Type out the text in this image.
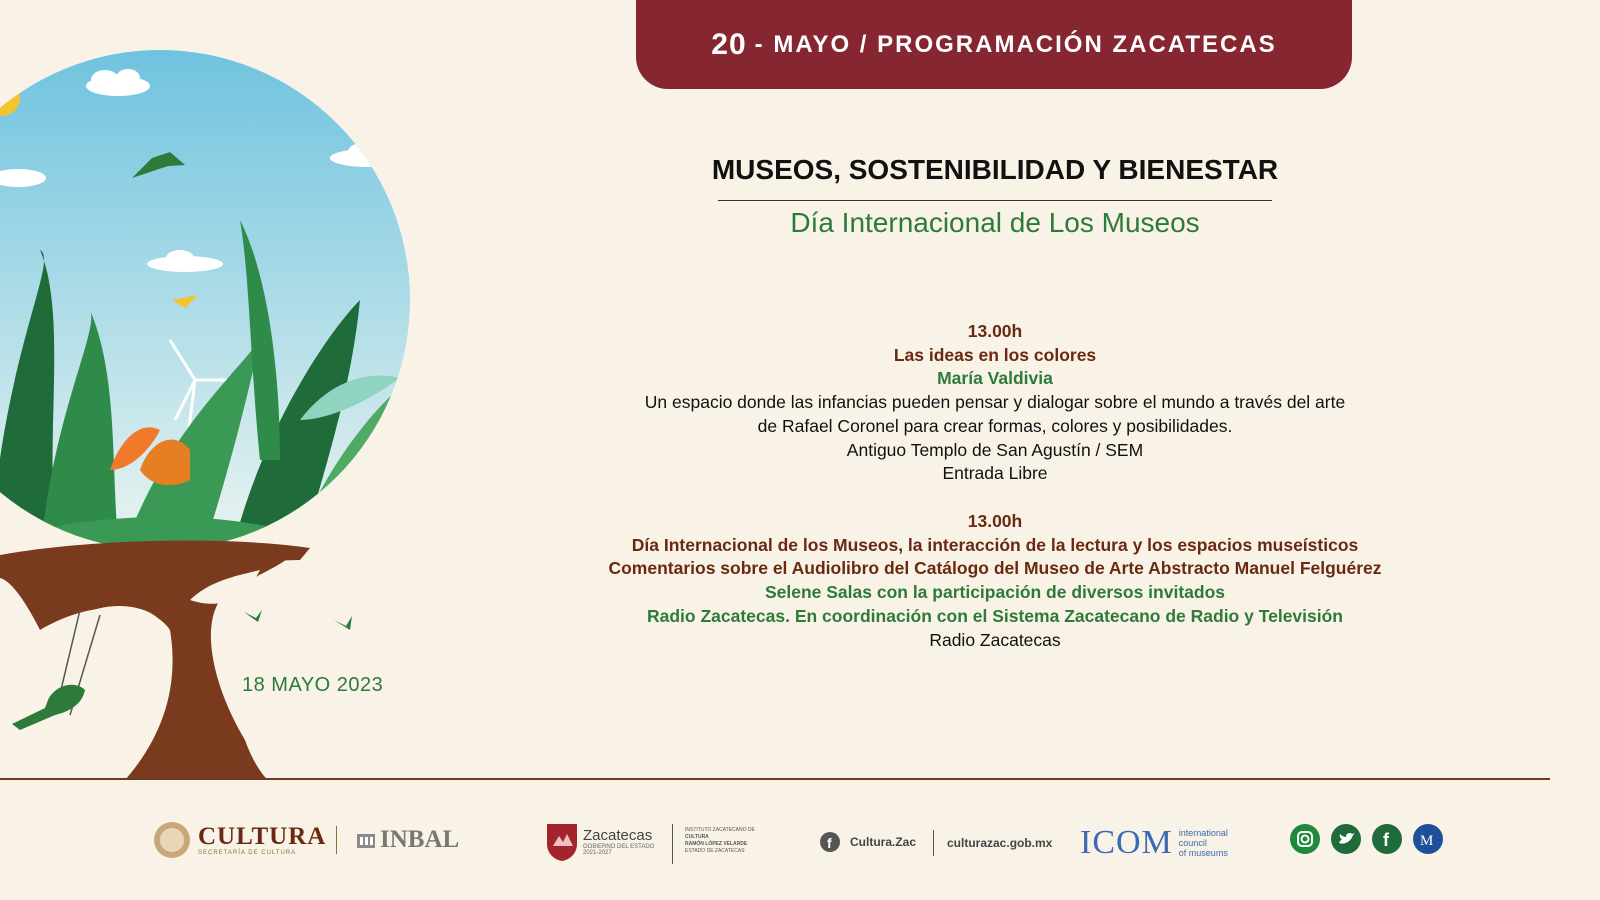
20 - MAYO / PROGRAMACIÓN ZACATECAS
MUSEOS, SOSTENIBILIDAD Y BIENESTAR
Día Internacional de Los Museos
13.00h
Las ideas en los colores
María Valdivia
Un espacio donde las infancias pueden pensar y dialogar sobre el mundo a través del arte
de Rafael Coronel para crear formas, colores y posibilidades.
Antiguo Templo de San Agustín / SEM
Entrada Libre
13.00h
Día Internacional de los Museos, la interacción de la lectura y los espacios museísticos
Comentarios sobre el Audiolibro del Catálogo del Museo de Arte Abstracto Manuel Felguérez
Selene Salas con la participación de diversos invitados
Radio Zacatecas. En coordinación con el Sistema Zacatecano de Radio y Televisión
Radio Zacatecas
18 MAYO 2023
CULTURA
SECRETARÍA DE CULTURA	INBAL	Zacatecas
GOBIERNO DEL ESTADO
2021-2027
INSTITUTO ZACATECANO DE
CULTURA
RAMÓN LÓPEZ VELARDE
ESTADO DE ZACATECAS	f Cultura.Zac	culturazac.gob.mx ICOM international
council
of museums
f M
